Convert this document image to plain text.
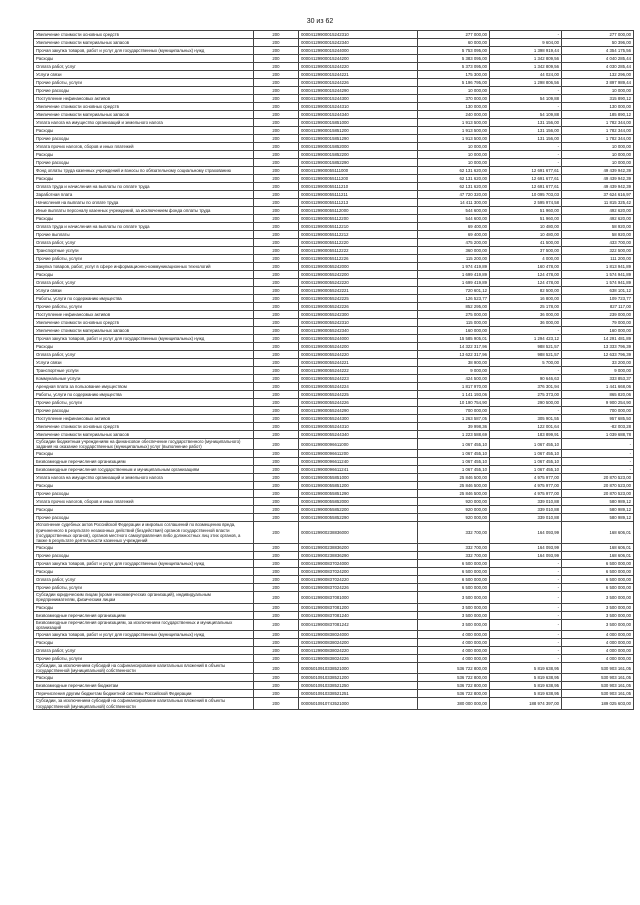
30 из 62
Увеличение стоимости основных средств	200	00004129900015242310	277 000,00	-	277 000,00
Увеличение стоимости материальных запасов	200	00004129900015242340	60 000,00	9 604,00	50 396,00
Прочая закупка товаров, работ и услуг для государственных (муниципальных) нужд	200	00004129900015244000	5 753 095,00	1 398 919,44	4 354 175,56
Расходы	200	00004129900015244200	5 383 095,00	1 342 809,56	4 040 285,44
Оплата работ, услуг	200	00004129900015244220	5 373 095,00	1 342 809,56	4 030 285,44
Услуги связи	200	00004129900015244221	175 300,00	44 024,00	132 296,00
Прочие работы, услуги	200	00004129900015244226	5 196 795,00	1 298 806,56	3 897 989,44
Прочие расходы	200	00004129900015244290	10 000,00	-	10 000,00
Поступление нефинансовых активов	200	00004129900015244300	370 000,00	54 109,88	315 890,12
Увеличение стоимости основных средств	200	00004129900015244310	130 000,00	-	130 000,00
Увеличение стоимости материальных запасов	200	00004129900015244340	240 000,00	54 109,88	185 890,12
Уплата налога на имущество организаций и земельного налога	200	00004129900015851000	1 913 500,00	131 156,00	1 782 344,00
Расходы	200	00004129900015851200	1 913 500,00	131 156,00	1 782 344,00
Прочие расходы	200	00004129900015851290	1 913 500,00	131 156,00	1 782 344,00
Уплата прочих налогов, сборов и иных платежей	200	00004129900015852000	10 000,00	-	10 000,00
Расходы	200	00004129900015852200	10 000,00	-	10 000,00
Прочие расходы	200	00004129900015852290	10 000,00	-	10 000,00
Фонд оплаты труда казенных учреждений и взносы по обязательному социальному страхованию	200	00004129900055111000	62 131 620,00	12 691 677,61	49 439 942,39
Расходы	200	00004129900055111200	62 131 620,00	12 691 677,61	49 439 942,39
Оплата труда и начисления на выплаты по оплате труда	200	00004129900055111210	62 131 620,00	12 691 677,61	49 439 942,39
Заработная плата	200	00004129900055111211	47 720 320,00	10 095 703,03	37 624 616,97
Начисления на выплаты по оплате труда	200	00004129900055111213	14 411 300,00	2 595 974,58	11 815 325,42
Иные выплаты персоналу казенных учреждений, за исключением фонда оплаты труда	200	00004129900055112000	544 600,00	51 960,00	492 620,00
Расходы	200	00004129900055112200	544 600,00	51 960,00	492 620,00
Оплата труда и начисления на выплаты по оплате труда	200	00004129900055112210	69 400,00	10 480,00	58 920,00
Прочие выплаты	200	00004129900055112212	69 400,00	10 480,00	58 920,00
Оплата работ, услуг	200	00004129900055112220	475 200,00	41 500,00	433 700,00
Транспортные услуги	200	00004129900055112222	360 000,00	37 500,00	322 500,00
Прочие работы, услуги	200	00004129900055112226	115 200,00	4 000,00	111 200,00
Закупка товаров, работ, услуг в сфере информационно-коммуникационных технологий	200	00004129900055242000	1 974 419,89	160 478,00	1 813 941,89
Расходы	200	00004129900055242200	1 699 419,89	124 478,00	1 574 941,89
Оплата работ, услуг	200	00004129900055242220	1 699 419,89	124 478,00	1 574 941,89
Услуги связи	200	00004129900055242221	720 601,12	82 500,00	638 101,12
Работы, услуги по содержанию имущества	200	00004129900055242225	126 523,77	16 800,00	109 723,77
Прочие работы, услуги	200	00004129900055242226	852 295,00	25 178,00	827 117,00
Поступление нефинансовых активов	200	00004129900055242300	275 000,00	36 000,00	239 000,00
Увеличение стоимости основных средств	200	00004129900055242310	115 000,00	36 000,00	79 000,00
Увеличение стоимости материальных запасов	200	00004129900055242340	160 000,00	-	160 000,00
Прочая закупка товаров, работ и услуг для государственных (муниципальных) нужд	200	00004129900055244000	15 585 905,01	1 294 423,12	14 291 481,89
Расходы	200	00004129900055244200	14 322 317,96	988 521,57	13 333 796,39
Оплата работ, услуг	200	00004129900055244220	13 622 317,96	988 521,57	12 633 796,39
Услуги связи	200	00004129900055244221	38 900,00	5 700,00	33 200,00
Транспортные услуги	200	00004129900055244222	9 000,00	-	9 000,00
Коммунальные услуги	200	00004129900055244223	424 500,00	90 646,63	333 853,37
Арендная плата за пользование имуществом	200	00004129900055244224	1 817 970,00	376 301,94	1 441 668,06
Работы, услуги по содержанию имущества	200	00004129900055244225	1 141 193,06	275 373,00	865 820,06
Прочие работы, услуги	200	00004129900055244226	10 190 754,90	290 500,00	9 900 254,90
Прочие расходы	200	00004129900055244290	700 000,00	-	700 000,00
Поступление нефинансовых активов	200	00004129900055244300	1 263 587,05	305 901,55	957 685,50
Увеличение стоимости основных средств	200	00004129900055244310	39 998,36	122 001,64	-82 003,28
Увеличение стоимости материальных запасов	200	00004129900055244340	1 223 588,69	183 899,91	1 039 688,78
Субсидии бюджетным учреждениям на финансовое обеспечение государственного (муниципального) задания на оказание государственных (муниципальных) услуг (выполнение работ)	200	00004129900096611000	1 067 455,10	1 067 455,10	-
Расходы	200	00004129900096611200	1 067 455,10	1 067 455,10	-
Безвозмездные перечисления организациям	200	00004129900096611240	1 067 455,10	1 067 455,10	-
Безвозмездные перечисления государственным и муниципальным организациям	200	00004129900096611241	1 067 455,10	1 067 455,10	-
Уплата налога на имущество организаций и земельного налога	200	00004129900055851000	25 846 500,00	4 975 977,00	20 870 523,00
Расходы	200	00004129900055851200	25 846 500,00	4 975 977,00	20 870 523,00
Прочие расходы	200	00004129900055851290	25 846 500,00	4 975 977,00	20 870 523,00
Уплата прочих налогов, сборов и иных платежей	200	00004129900055852000	920 000,00	339 010,88	580 989,12
Расходы	200	00004129900055852200	920 000,00	339 010,88	580 989,12
Прочие расходы	200	00004129900055852290	920 000,00	339 010,88	580 989,12
Исполнение судебных актов Российской Федерации и мировых соглашений по возмещению вреда, причиненного в результате незаконных действий (бездействия) органов государственной власти (государственных органов), органов местного самоуправления либо должностных лиц этих органов, а также в результате деятельности казенных учреждений	200	00004129900238836000	332 700,00	164 093,99	168 606,01
Расходы	200	00004129900238836200	332 700,00	164 093,99	168 606,01
Прочие расходы	200	00004129900238836290	332 700,00	164 093,99	168 606,01
Прочая закупка товаров, работ и услуг для государственных (муниципальных) нужд	200	00004129900837024000	6 500 000,00	-	6 500 000,00
Расходы	200	00004129900837024200	6 500 000,00	-	6 500 000,00
Оплата работ, услуг	200	00004129900837024220	6 500 000,00	-	6 500 000,00
Прочие работы, услуги	200	00004129900837024226	6 500 000,00	-	6 500 000,00
Субсидии юридическим лицам (кроме некоммерческих организаций), индивидуальным предпринимателям, физическим лицам	200	00004129900837081000	3 500 000,00	-	3 500 000,00
Расходы	200	00004129900837081200	3 500 000,00	-	3 500 000,00
Безвозмездные перечисления организациям	200	00004129900837081240	3 500 000,00	-	3 500 000,00
Безвозмездные перечисления организациям, за исключением государственных и муниципальных организаций	200	00004129900837081242	3 500 000,00	-	3 500 000,00
Прочая закупка товаров, работ и услуг для государственных (муниципальных) нужд	200	00004129900838024000	4 000 000,00	-	4 000 000,00
Расходы	200	00004129900838024200	4 000 000,00	-	4 000 000,00
Оплата работ, услуг	200	00004129900838024220	4 000 000,00	-	4 000 000,00
Прочие работы, услуги	200	00004129900838024226	4 000 000,00	-	4 000 000,00
Субсидии, за исключением субсидий на софинансирование капитальных вложений в объекты государственной (муниципальной) собственности	200	00005010910338521000	536 722 800,00	5 819 638,95	530 903 161,05
Расходы	200	00005010910338521200	536 722 800,00	5 819 638,95	530 903 161,05
Безвозмездные перечисления бюджетам	200	00005010910338521250	536 722 800,00	5 819 638,95	530 903 161,05
Перечисления другим бюджетам бюджетной системы Российской Федерации	200	00005010910338521251	536 722 800,00	5 819 638,95	530 903 161,05
Субсидии, за исключением субсидий на софинансирование капитальных вложений в объекты государственной (муниципальной) собственности	200	00005010910743521000	380 000 000,00	188 974 397,00	189 025 603,00
